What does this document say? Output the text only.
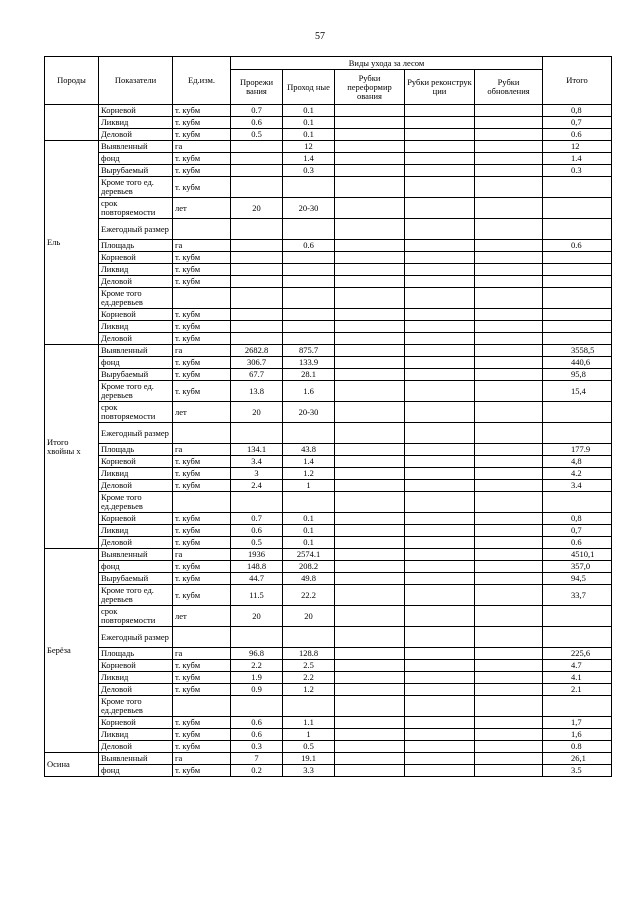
57
Породы	Показатели	Ед.изм.	Виды ухода за лесом					Итого
			Прорежи вания	Проход ные	Рубки переформир ования	Рубки реконструк ции	Рубки обновления	
	Корневой	т. кубм	0.7	0.1				0,8
	Ликвид	т. кубм	0.6	0.1				0,7
	Деловой	т. кубм	0.5	0.1				0.6
Ель	Выявленный	га		12				12
	фонд	т. кубм		1.4				1.4
	Вырубаемый	т. кубм		0.3				0.3
	Кроме того ед. деревьев	т. кубм						
	срок повторяемости	лет	20	20-30				
	Ежегодный размер							
	Площадь	га		0.6				0.6
	Корневой	т. кубм						
	Ликвид	т. кубм						
	Деловой	т. кубм						
	Кроме того ед.деревьев							
	Корневой	т. кубм						
	Ликвид	т. кубм						
	Деловой	т. кубм						
Итого хвойны х	Выявленный	га	2682.8	875.7				3558,5
	фонд	т. кубм	306.7	133.9				440,6
	Вырубаемый	т. кубм	67.7	28.1				95,8
	Кроме того ед. деревьев	т. кубм	13.8	1.6				15,4
	срок повторяемости	лет	20	20-30				
	Ежегодный размер							
	Площадь	га	134.1	43.8				177.9
	Корневой	т. кубм	3.4	1.4				4,8
	Ликвид	т. кубм	3	1.2				4.2
	Деловой	т. кубм	2.4	1				3.4
	Кроме того ед.деревьев							
	Корневой	т. кубм	0.7	0.1				0,8
	Ликвид	т. кубм	0.6	0.1				0,7
	Деловой	т. кубм	0.5	0.1				0.6
Берёза	Выявленный	га	1936	2574.1				4510,1
	фонд	т. кубм	148.8	208.2				357,0
	Вырубаемый	т. кубм	44.7	49.8				94,5
	Кроме того ед. деревьев	т. кубм	11.5	22.2				33,7
	срок повторяемости	лет	20	20				
	Ежегодный размер							
	Площадь	га	96.8	128.8				225,6
	Корневой	т. кубм	2.2	2.5				4.7
	Ликвид	т. кубм	1.9	2.2				4.1
	Деловой	т. кубм	0.9	1.2				2.1
	Кроме того ед.деревьев							
	Корневой	т. кубм	0.6	1.1				1,7
	Ликвид	т. кубм	0.6	1				1,6
	Деловой	т. кубм	0.3	0.5				0.8
Осина	Выявленный	га	7	19.1				26,1
	фонд	т. кубм	0.2	3.3				3.5
